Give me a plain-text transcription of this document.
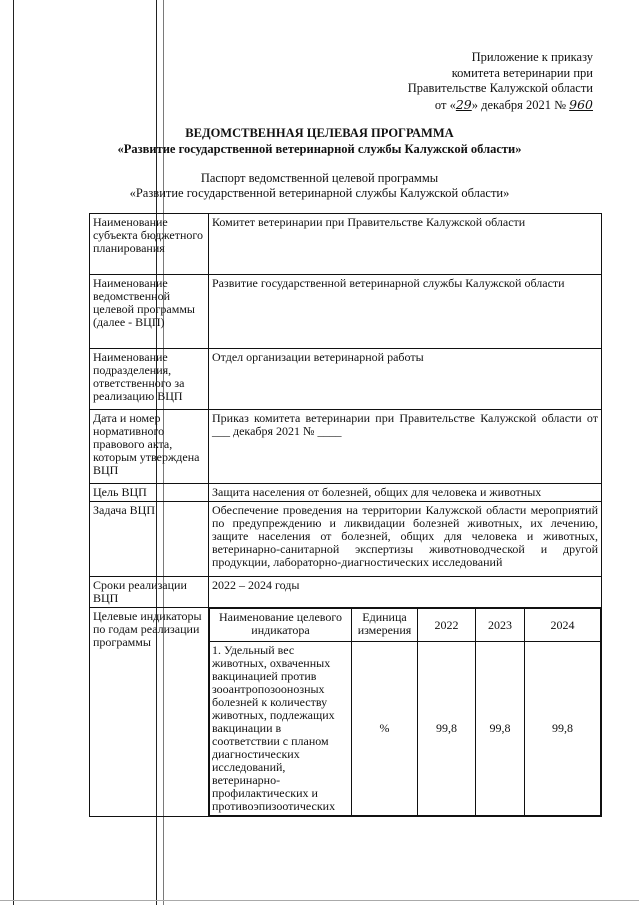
Приложение к приказу
комитета ветеринарии при
Правительстве Калужской области
от «29» декабря 2021 № 960
ВЕДОМСТВЕННАЯ ЦЕЛЕВАЯ ПРОГРАММА
«Развитие государственной ветеринарной службы Калужской области»
Паспорт ведомственной целевой программы
«Развитие государственной ветеринарной службы Калужской области»
Наименование субъекта бюджетного планирования	Комитет ветеринарии при Правительстве Калужской области
Наименование ведомственной целевой программы (далее - ВЦП)	Развитие государственной ветеринарной службы Калужской области
Наименование подразделения, ответственного за реализацию ВЦП	Отдел организации ветеринарной работы
Дата и номер нормативного правового акта, которым утверждена ВЦП	Приказ комитета ветеринарии при Правительстве Калужской области от ___ декабря 2021 № ____
Цель ВЦП	Защита населения от болезней, общих для человека и животных
Задача ВЦП	Обеспечение проведения на территории Калужской области мероприятий по предупреждению и ликвидации болезней животных, их лечению, защите населения от болезней, общих для человека и животных, ветеринарно-санитарной экспертизы животноводческой и другой продукции, лабораторно-диагностических исследований
Сроки реализации ВЦП	2022 – 2024 годы
Целевые индикаторы по годам реализации программы	
Наименование целевого индикатора	Единица измерения	2022	2023	2024
1. Удельный вес животных, охваченных вакцинацией против зооантропозоонозных болезней к количеству животных, подлежащих вакцинации в соответствии с планом диагностических исследований, ветеринарно-профилактических и противоэпизоотических	%	99,8	99,8	99,8
